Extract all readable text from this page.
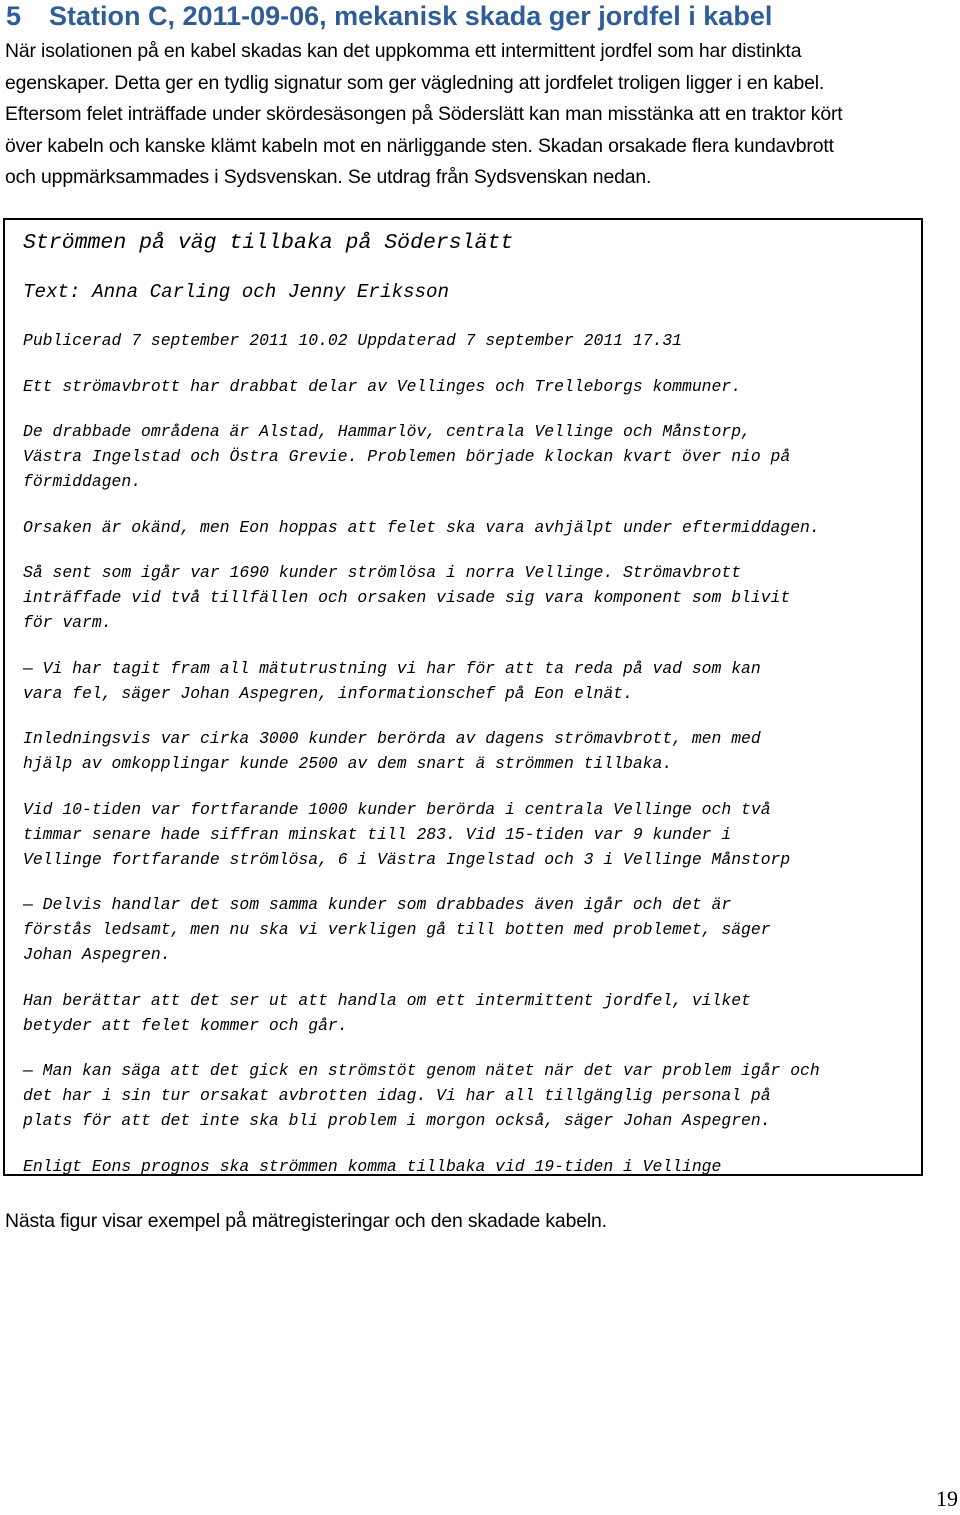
5 Station C, 2011-09-06, mekanisk skada ger jordfel i kabel
När isolationen på en kabel skadas kan det uppkomma ett intermittent jordfel som har distinkta
egenskaper. Detta ger en tydlig signatur som ger vägledning att jordfelet troligen ligger i en kabel.
Eftersom felet inträffade under skördesäsongen på Söderslätt kan man misstänka att en traktor kört
över kabeln och kanske klämt kabeln mot en närliggande sten. Skadan orsakade flera kundavbrott
och uppmärksammades i Sydsvenskan. Se utdrag från Sydsvenskan nedan.
Strömmen på väg tillbaka på Söderslätt
Text: Anna Carling och Jenny Eriksson
Publicerad 7 september 2011 10.02 Uppdaterad 7 september 2011 17.31
Ett strömavbrott har drabbat delar av Vellinges och Trelleborgs kommuner.
De drabbade områdena är Alstad, Hammarlöv, centrala Vellinge och Månstorp,
Västra Ingelstad och Östra Grevie. Problemen började klockan kvart över nio på
förmiddagen.
Orsaken är okänd, men Eon hoppas att felet ska vara avhjälpt under eftermiddagen.
Så sent som igår var 1690 kunder strömlösa i norra Vellinge. Strömavbrott
inträffade vid två tillfällen och orsaken visade sig vara komponent som blivit
för varm.
— Vi har tagit fram all mätutrustning vi har för att ta reda på vad som kan
vara fel, säger Johan Aspegren, informationschef på Eon elnät.
Inledningsvis var cirka 3000 kunder berörda av dagens strömavbrott, men med
hjälp av omkopplingar kunde 2500 av dem snart ä strömmen tillbaka.
Vid 10-tiden var fortfarande 1000 kunder berörda i centrala Vellinge och två
timmar senare hade siffran minskat till 283. Vid 15-tiden var 9 kunder i
Vellinge fortfarande strömlösa, 6 i Västra Ingelstad och 3 i Vellinge Månstorp
— Delvis handlar det som samma kunder som drabbades även igår och det är
förstås ledsamt, men nu ska vi verkligen gå till botten med problemet, säger
Johan Aspegren.
Han berättar att det ser ut att handla om ett intermittent jordfel, vilket
betyder att felet kommer och går.
— Man kan säga att det gick en strömstöt genom nätet när det var problem igår och
det har i sin tur orsakat avbrotten idag. Vi har all tillgänglig personal på
plats för att det inte ska bli problem i morgon också, säger Johan Aspegren.
Enligt Eons prognos ska strömmen komma tillbaka vid 19-tiden i Vellinge

Nästa figur visar exempel på mätregisteringar och den skadade kabeln.

19
